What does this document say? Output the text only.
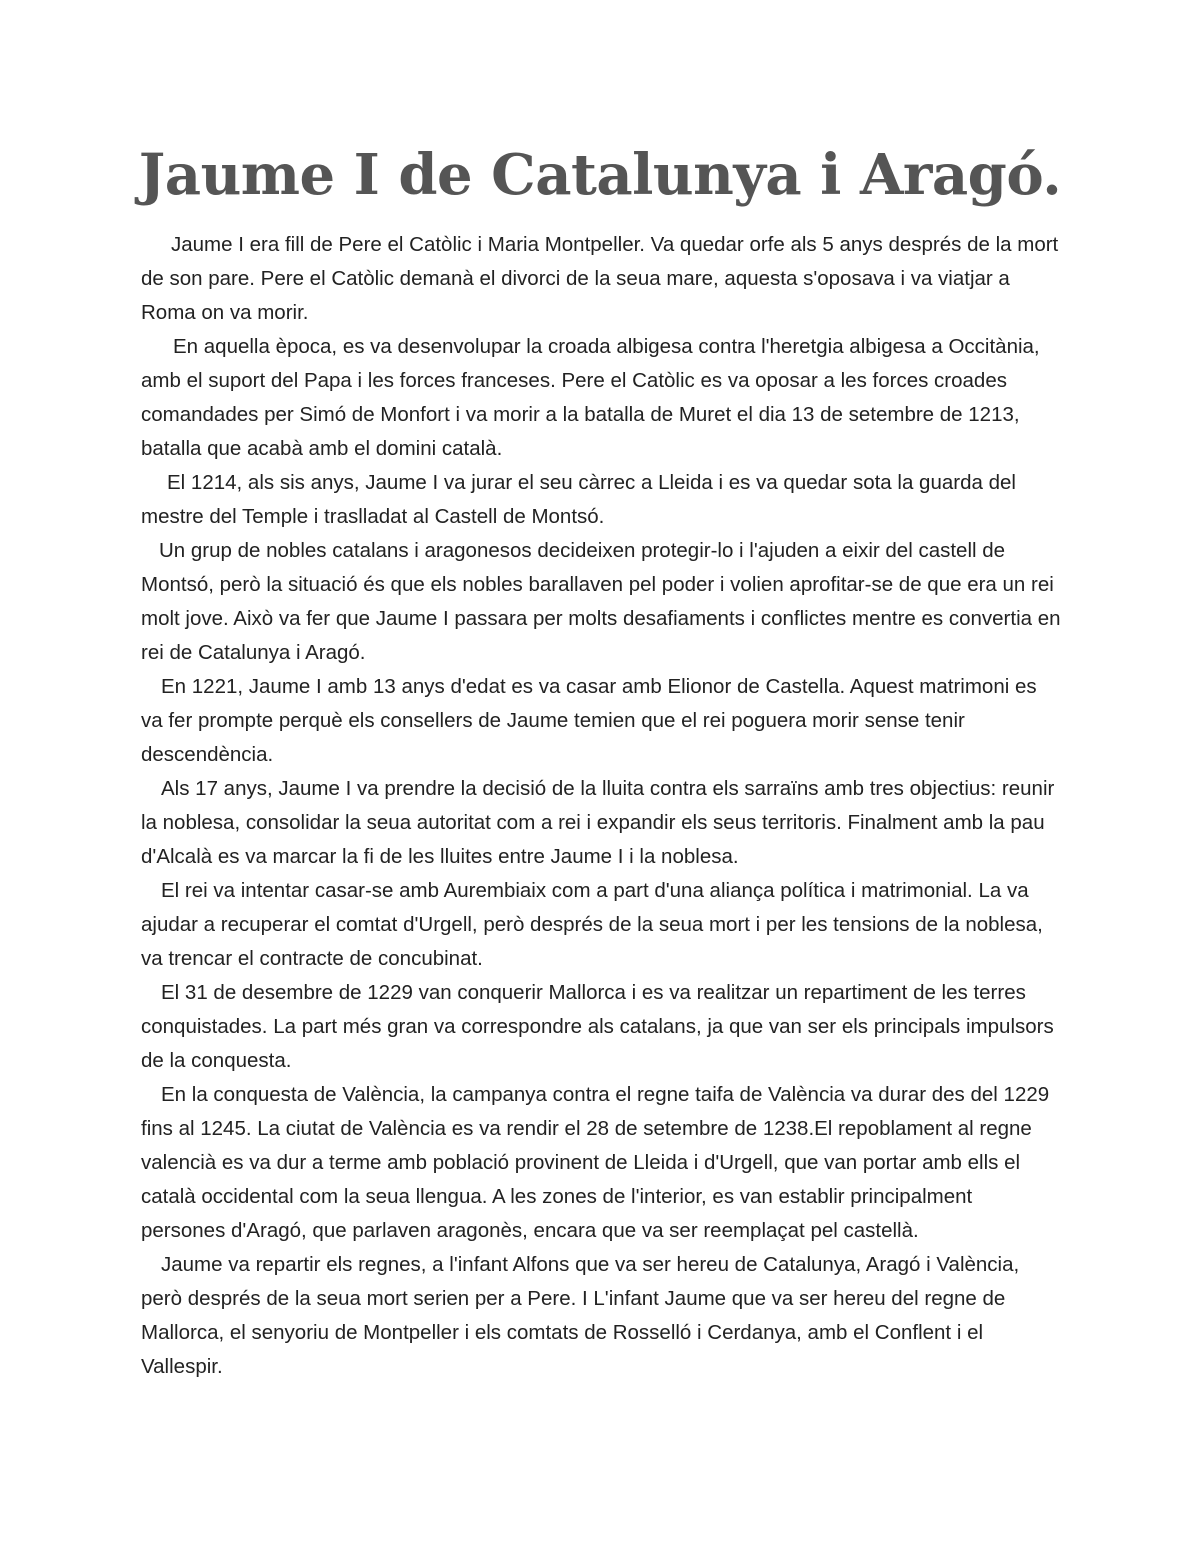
Jaume I de Catalunya i Aragó.

Jaume I era fill de Pere el Catòlic i Maria Montpeller. Va quedar orfe als 5 anys després de la mort de son pare. Pere el Catòlic demanà el divorci de la seua mare, aquesta s'oposava i va viatjar a Roma on va morir.

En aquella època, es va desenvolupar la croada albigesa contra l'heretgia albigesa a Occitània, amb el suport del Papa i les forces franceses. Pere el Catòlic es va oposar a les forces croades comandades per Simó de Monfort i va morir a la batalla de Muret el dia 13 de setembre de 1213, batalla que acabà amb el domini català.

El 1214, als sis anys, Jaume I va jurar el seu càrrec a Lleida i es va quedar sota la guarda del mestre del Temple i traslladat al Castell de Montsó.

Un grup de nobles catalans i aragonesos decideixen protegir-lo i l'ajuden a eixir del castell de Montsó, però la situació és que els nobles barallaven pel poder i volien aprofitar-se de que era un rei molt jove. Això va fer que Jaume I passara per molts desafiaments i conflictes mentre es convertia en rei de Catalunya i Aragó.

En 1221, Jaume I amb 13 anys d'edat es va casar amb Elionor de Castella. Aquest matrimoni es va fer prompte perquè els consellers de Jaume temien que el rei poguera morir sense tenir descendència.

Als 17 anys, Jaume I va prendre la decisió de la lluita contra els sarraïns amb tres objectius: reunir la noblesa, consolidar la seua autoritat com a rei i expandir els seus territoris. Finalment amb la pau d'Alcalà es va marcar la fi de les lluites entre Jaume I i la noblesa.

El rei va intentar casar-se amb Aurembiaix com a part d'una aliança política i matrimonial. La va ajudar a recuperar el comtat d'Urgell, però després de la seua mort i per les tensions de la noblesa, va trencar el contracte de concubinat.

El 31 de desembre de 1229 van conquerir Mallorca i es va realitzar un repartiment de les terres conquistades. La part més gran va correspondre als catalans, ja que van ser els principals impulsors de la conquesta.

En la conquesta de València, la campanya contra el regne taifa de València va durar des del 1229 fins al 1245. La ciutat de València es va rendir el 28 de setembre de 1238.El repoblament al regne valencià es va dur a terme amb població provinent de Lleida i d'Urgell, que van portar amb ells el català occidental com la seua llengua. A les zones de l'interior, es van establir principalment persones d'Aragó, que parlaven aragonès, encara que va ser reemplaçat pel castellà.

Jaume va repartir els regnes, a l'infant Alfons que va ser hereu de Catalunya, Aragó i València, però després de la seua mort serien per a Pere. I L'infant Jaume que va ser hereu del regne de Mallorca, el senyoriu de Montpeller i els comtats de Rosselló i Cerdanya, amb el Conflent i el Vallespir.
